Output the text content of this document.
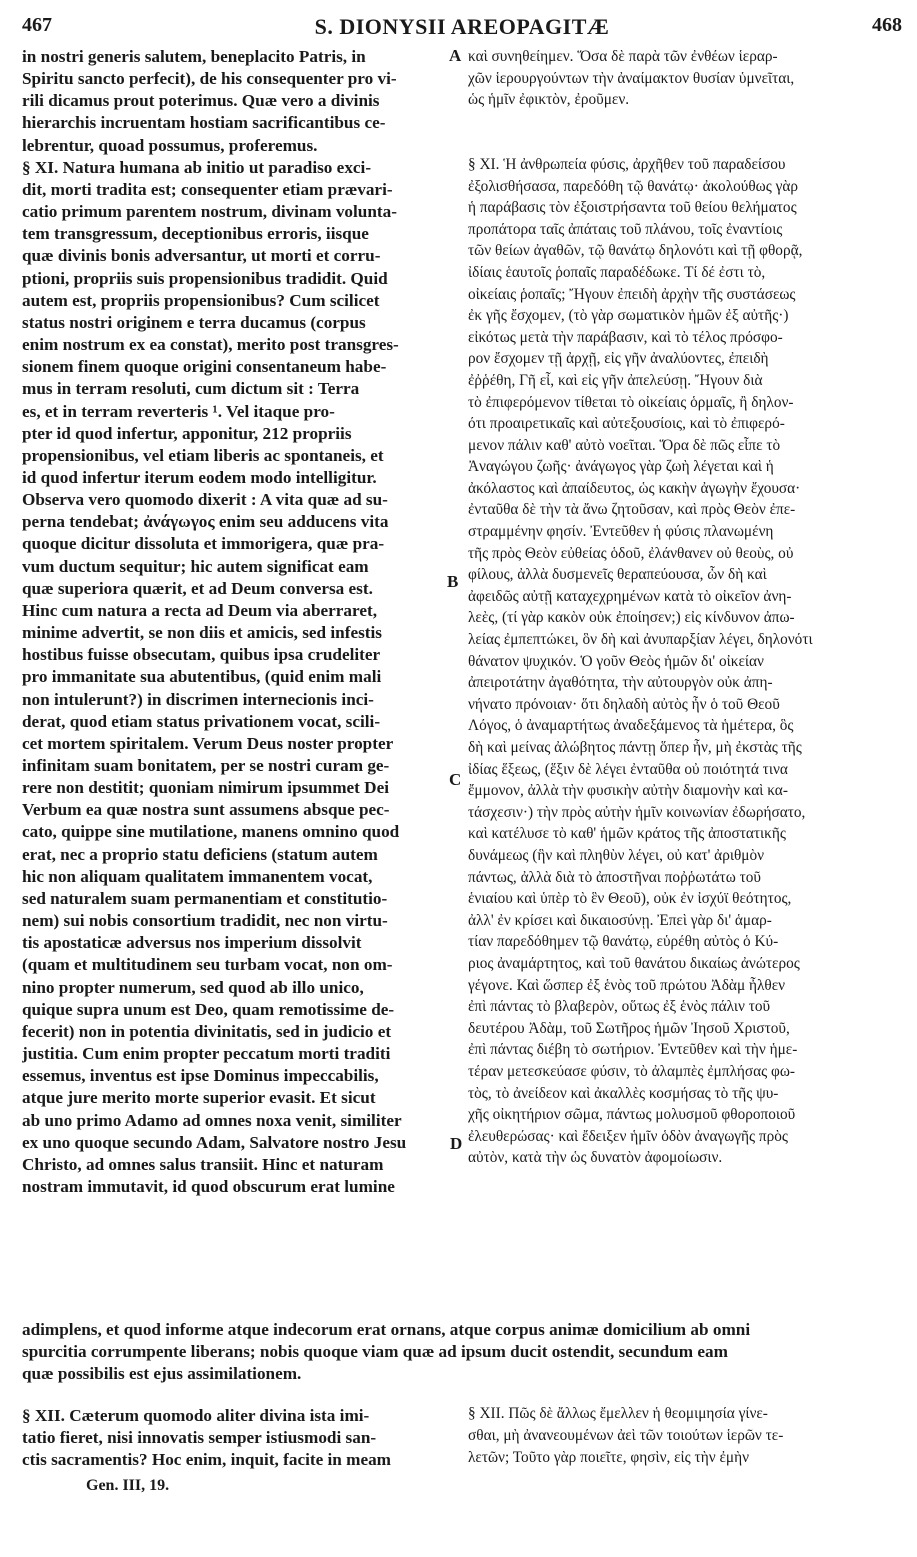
467	S. DIONYSII AREOPAGITÆ	468

in nostri generis salutem, beneplacito Patris, in

Spiritu sancto perfecit), de his consequenter pro vi-

rili dicamus prout poterimus. Quæ vero a divinis

hierarchis incruentam hostiam sacrificantibus ce-

lebrentur, quoad possumus, proferemus.

§ XI. Natura humana ab initio ut paradiso exci-

dit, morti tradita est; consequenter etiam prævari-

catio primum parentem nostrum, divinam volunta-

tem transgressum, deceptionibus erroris, iisque

quæ divinis bonis adversantur, ut morti et corru-

ptioni, propriis suis propensionibus tradidit. Quid

autem est, propriis propensionibus? Cum scilicet

status nostri originem e terra ducamus (corpus

enim nostrum ex ea constat), merito post transgres-

sionem finem quoque origini consentaneum habe-

mus in terram resoluti, cum dictum sit : Terra

es, et in terram reverteris ¹. Vel itaque pro-

pter id quod infertur, apponitur, 212 propriis

propensionibus, vel etiam liberis ac spontaneis, et

id quod infertur iterum eodem modo intelligitur.

Observa vero quomodo dixerit : A vita quæ ad su-

perna tendebat; ἀνάγωγος enim seu adducens vita

quoque dicitur dissoluta et immorigera, quæ pra-

vum ductum sequitur; hic autem significat eam

quæ superiora quærit, et ad Deum conversa est.

Hinc cum natura a recta ad Deum via aberraret,

minime advertit, se non diis et amicis, sed infestis

hostibus fuisse obsecutam, quibus ipsa crudeliter

pro immanitate sua abutentibus, (quid enim mali

non intulerunt?) in discrimen internecionis inci-

derat, quod etiam status privationem vocat, scili-

cet mortem spiritalem. Verum Deus noster propter

infinitam suam bonitatem, per se nostri curam ge-

rere non destitit; quoniam nimirum ipsummet Dei

Verbum ea quæ nostra sunt assumens absque pec-

cato, quippe sine mutilatione, manens omnino quod

erat, nec a proprio statu deficiens (statum autem

hic non aliquam qualitatem immanentem vocat,

sed naturalem suam permanentiam et constitutio-

nem) sui nobis consortium tradidit, nec non virtu-

tis apostaticæ adversus nos imperium dissolvit

(quam et multitudinem seu turbam vocat, non om-

nino propter numerum, sed quod ab illo unico,

quique supra unum est Deo, quam remotissime de-

fecerit) non in potentia divinitatis, sed in judicio et

justitia. Cum enim propter peccatum morti traditi

essemus, inventus est ipse Dominus impeccabilis,

atque jure merito morte superior evasit. Et sicut

ab uno primo Adamo ad omnes noxa venit, similiter

ex uno quoque secundo Adam, Salvatore nostro Jesu

Christo, ad omnes salus transiit. Hinc et naturam

nostram immutavit, id quod obscurum erat lumine

καὶ συνηθείημεν. Ὅσα δὲ παρὰ τῶν ἐνθέων ἱεραρ-

χῶν ἱερουργούντων τὴν ἀναίμακτον θυσίαν ὑμνεῖται,

ὡς ἡμῖν ἐφικτὸν, ἐροῦμεν.

§ XI. Ἡ ἀνθρωπεία φύσις, ἀρχῆθεν τοῦ παραδείσου

ἐξολισθήσασα, παρεδόθη τῷ θανάτῳ· ἀκολούθως γὰρ

ἡ παράβασις τὸν ἐξοιστρήσαντα τοῦ θείου θελήματος

προπάτορα ταῖς ἀπάταις τοῦ πλάνου, τοῖς ἐναντίοις

τῶν θείων ἀγαθῶν, τῷ θανάτῳ δηλονότι καὶ τῇ φθορᾷ,

ἰδίαις ἑαυτοῖς ῥοπαῖς παραδέδωκε. Τί δέ ἐστι τὸ,

οἰκείαις ῥοπαῖς; Ἤγουν ἐπειδὴ ἀρχὴν τῆς συστάσεως

ἐκ γῆς ἔσχομεν, (τὸ γὰρ σωματικὸν ἡμῶν ἐξ αὐτῆς·)

εἰκότως μετὰ τὴν παράβασιν, καὶ τὸ τέλος πρόσφο-

ρον ἔσχομεν τῇ ἀρχῇ, εἰς γῆν ἀναλύοντες, ἐπειδὴ

ἐῤῥέθη, Γῆ εἶ, καὶ εἰς γῆν ἀπελεύσῃ. Ἤγουν διὰ

τὸ ἐπιφερόμενον τίθεται τὸ οἰκείαις ὁρμαῖς, ἢ δηλον-

ότι προαιρετικαῖς καὶ αὐτεξουσίοις, καὶ τὸ ἐπιφερό-

μενον πάλιν καθ' αὐτὸ νοεῖται. Ὅρα δὲ πῶς εἶπε τὸ

Ἀναγώγου ζωῆς· ἀνάγωγος γὰρ ζωὴ λέγεται καὶ ἡ

ἀκόλαστος καὶ ἀπαίδευτος, ὡς κακὴν ἀγωγὴν ἔχουσα·

ἐνταῦθα δὲ τὴν τὰ ἄνω ζητοῦσαν, καὶ πρὸς Θεὸν ἐπε-

στραμμένην φησίν. Ἐντεῦθεν ἡ φύσις πλανωμένη

τῆς πρὸς Θεὸν εὐθείας ὁδοῦ, ἐλάνθανεν οὐ θεοὺς, οὐ

φίλους, ἀλλὰ δυσμενεῖς θεραπεύουσα, ὧν δὴ καὶ

ἀφειδῶς αὐτῇ καταχεχρημένων κατὰ τὸ οἰκεῖον ἀνη-

λεὲς, (τί γὰρ κακὸν οὐκ ἐποίησεν;) εἰς κίνδυνον ἀπω-

λείας ἐμπεπτώκει, ὃν δὴ καὶ ἀνυπαρξίαν λέγει, δηλονότι

θάνατον ψυχικόν. Ὁ γοῦν Θεὸς ἡμῶν δι' οἰκείαν

ἀπειροτάτην ἀγαθότητα, τὴν αὐτουργὸν οὐκ ἀπη-

νήνατο πρόνοιαν· ὅτι δηλαδὴ αὐτὸς ἦν ὁ τοῦ Θεοῦ

Λόγος, ὁ ἀναμαρτήτως ἀναδεξάμενος τὰ ἡμέτερα, ὃς

δὴ καὶ μείνας ἀλώβητος πάντῃ ὅπερ ἦν, μὴ ἐκστὰς τῆς

ἰδίας ἕξεως, (ἕξιν δὲ λέγει ἐνταῦθα οὐ ποιότητά τινα

ἔμμονον, ἀλλὰ τὴν φυσικὴν αὐτὴν διαμονὴν καὶ κα-

τάσχεσιν·) τὴν πρὸς αὐτὴν ἡμῖν κοινωνίαν ἐδωρήσατο,

καὶ κατέλυσε τὸ καθ' ἡμῶν κράτος τῆς ἀποστατικῆς

δυνάμεως (ἣν καὶ πληθὺν λέγει, οὐ κατ' ἀριθμὸν

πάντως, ἀλλὰ διὰ τὸ ἀποστῆναι ποῤῥωτάτω τοῦ

ἑνιαίου καὶ ὑπὲρ τὸ ἓν Θεοῦ), οὐκ ἐν ἰσχύϊ θεότητος,

ἀλλ' ἐν κρίσει καὶ δικαιοσύνῃ. Ἐπεὶ γὰρ δι' ἁμαρ-

τίαν παρεδόθημεν τῷ θανάτῳ, εὑρέθη αὐτὸς ὁ Κύ-

ριος ἀναμάρτητος, καὶ τοῦ θανάτου δικαίως ἀνώτερος

γέγονε. Καὶ ὥσπερ ἐξ ἑνὸς τοῦ πρώτου Ἀδὰμ ἦλθεν

ἐπὶ πάντας τὸ βλαβερὸν, οὕτως ἐξ ἑνὸς πάλιν τοῦ

δευτέρου Ἀδὰμ, τοῦ Σωτῆρος ἡμῶν Ἰησοῦ Χριστοῦ,

ἐπὶ πάντας διέβη τὸ σωτήριον. Ἐντεῦθεν καὶ τὴν ἡμε-

τέραν μετεσκεύασε φύσιν, τὸ ἀλαμπὲς ἐμπλήσας φω-

τὸς, τὸ ἀνείδεον καὶ ἀκαλλὲς κοσμήσας τὸ τῆς ψυ-

χῆς οἰκητήριον σῶμα, πάντως μολυσμοῦ φθοροποιοῦ

ἐλευθερώσας· καὶ ἔδειξεν ἡμῖν ὁδὸν ἀναγωγῆς πρὸς

αὐτὸν, κατὰ τὴν ὡς δυνατὸν ἀφομοίωσιν.

adimplens, et quod informe atque indecorum erat ornans, atque corpus animæ domicilium ab omni

spurcitia corrumpente liberans; nobis quoque viam quæ ad ipsum ducit ostendit, secundum eam

quæ possibilis est ejus assimilationem.

§ XII. Cæterum quomodo aliter divina ista imi-

tatio fieret, nisi innovatis semper istiusmodi san-

ctis sacramentis? Hoc enim, inquit, facite in meam

§ XII. Πῶς δὲ ἄλλως ἔμελλεν ἡ θεομιμησία γίνε-

σθαι, μὴ ἀνανεουμένων ἀεὶ τῶν τοιούτων ἱερῶν τε-

λετῶν; Τοῦτο γὰρ ποιεῖτε, φησὶν, εἰς τὴν ἐμὴν

A
B
C
D
Gen. III, 19.
